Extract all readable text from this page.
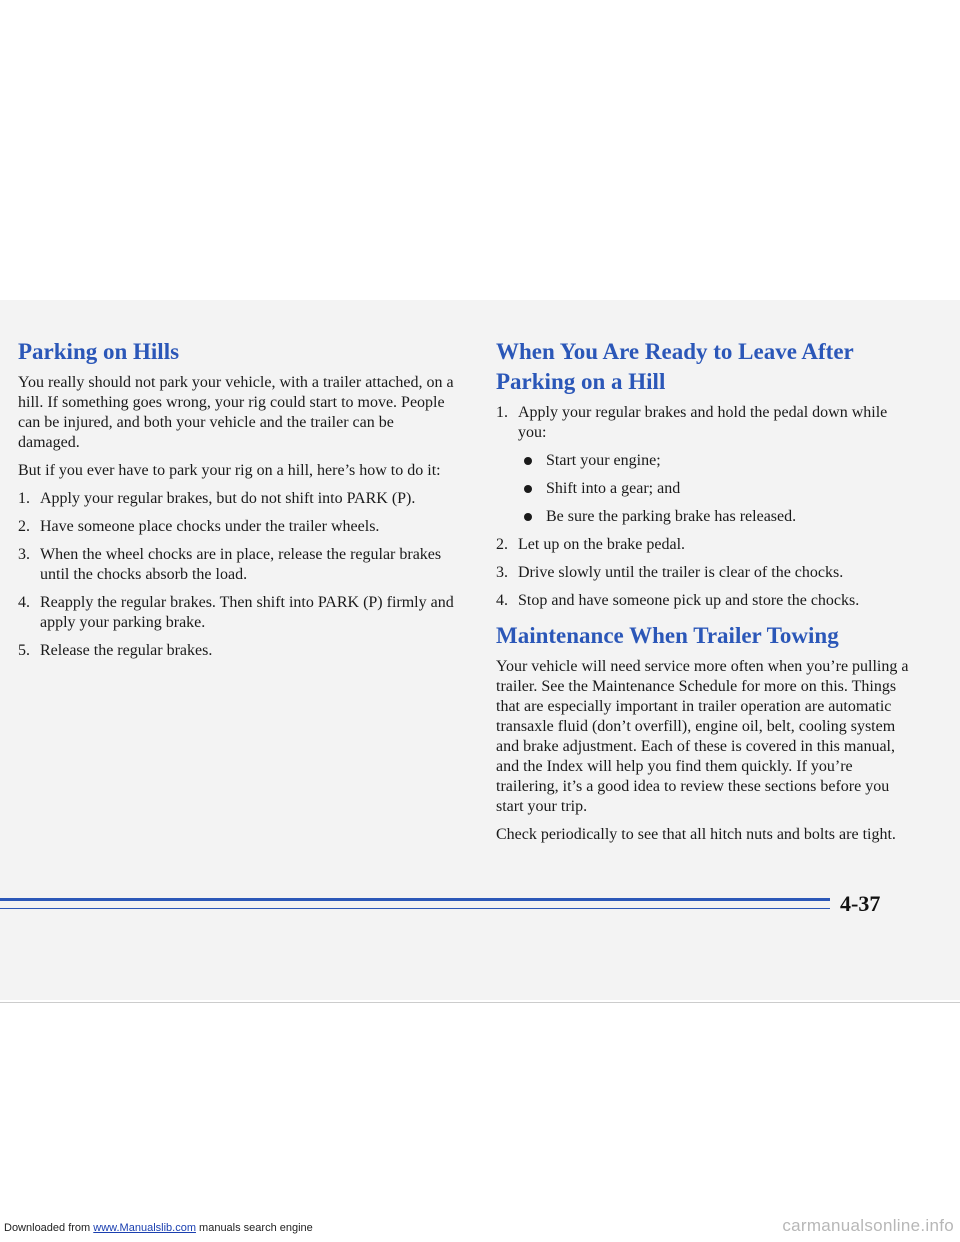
Parking on Hills

You really should not park your vehicle, with a trailer attached, on a hill. If something goes wrong, your rig could start to move. People can be injured, and both your vehicle and the trailer can be damaged.

But if you ever have to park your rig on a hill, here’s how to do it:

1. Apply your regular brakes, but do not shift into PARK (P).
2. Have someone place chocks under the trailer wheels.
3. When the wheel chocks are in place, release the regular brakes until the chocks absorb the load.
4. Reapply the regular brakes. Then shift into PARK (P) firmly and apply your parking brake.
5. Release the regular brakes.
When You Are Ready to Leave After Parking on a Hill
1. Apply your regular brakes and hold the pedal down while you:
Start your engine;
Shift into a gear; and
Be sure the parking brake has released.
2. Let up on the brake pedal.
3. Drive slowly until the trailer is clear of the chocks.
4. Stop and have someone pick up and store the chocks.
Maintenance When Trailer Towing

Your vehicle will need service more often when you’re pulling a trailer. See the Maintenance Schedule for more on this. Things that are especially important in trailer operation are automatic transaxle fluid (don’t overfill), engine oil, belt, cooling system and brake adjustment. Each of these is covered in this manual, and the Index will help you find them quickly. If you’re trailering, it’s a good idea to review these sections before you start your trip.

Check periodically to see that all hitch nuts and bolts are tight.

4-37
Downloaded from www.Manualslib.com manuals search engine	carmanualsonline.info
